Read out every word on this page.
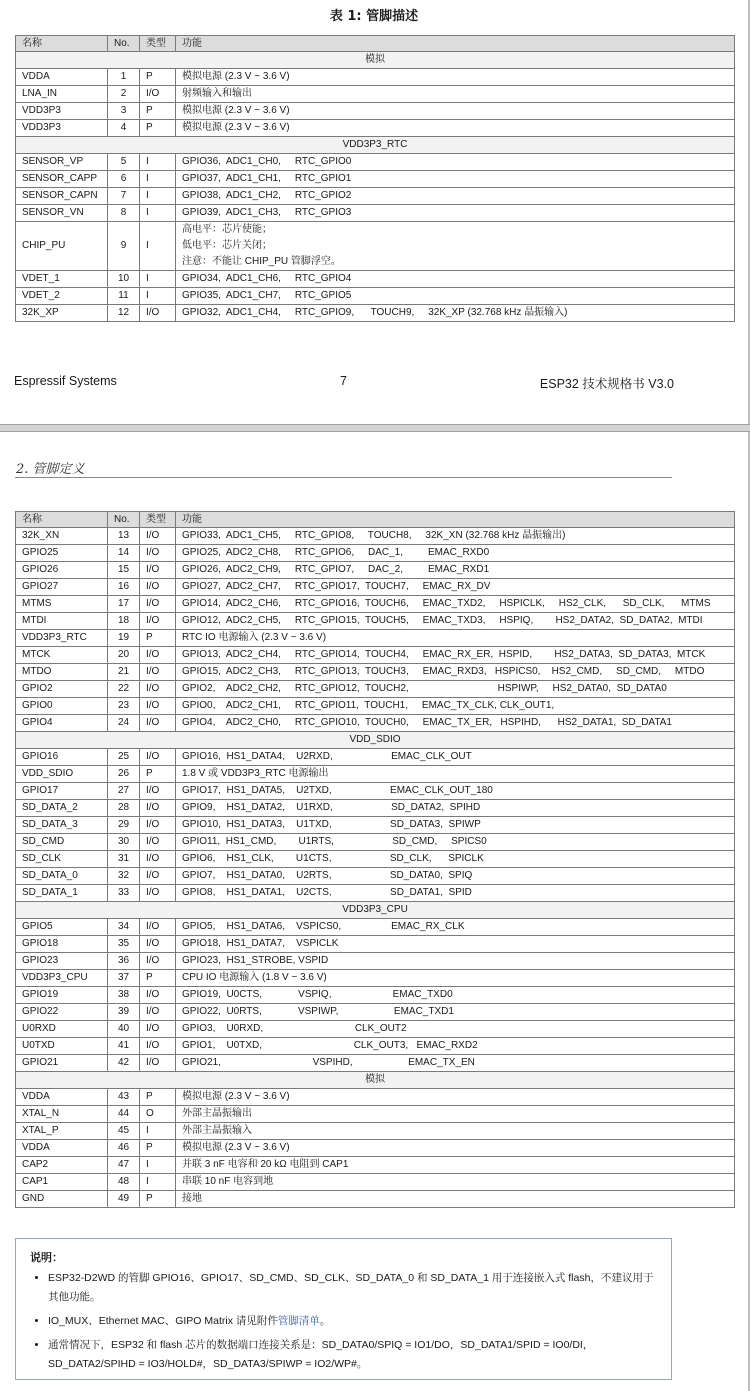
表 1: 管脚描述
名称	No.	类型	功能
模拟			
VDDA	1	P	模拟电源 (2.3 V ~ 3.6 V)
LNA_IN	2	I/O	射频输入和输出
VDD3P3	3	P	模拟电源 (2.3 V ~ 3.6 V)
VDD3P3	4	P	模拟电源 (2.3 V ~ 3.6 V)
VDD3P3_RTC			
SENSOR_VP	5	I	GPIO36,  ADC1_CH0,     RTC_GPIO0
SENSOR_CAPP	6	I	GPIO37,  ADC1_CH1,     RTC_GPIO1
SENSOR_CAPN	7	I	GPIO38,  ADC1_CH2,     RTC_GPIO2
SENSOR_VN	8	I	GPIO39,  ADC1_CH3,     RTC_GPIO3
CHIP_PU	9	I	高电平：芯片使能；
低电平：芯片关闭；
注意：不能让 CHIP_PU 管脚浮空。

VDET_1	10	I	GPIO34,  ADC1_CH6,     RTC_GPIO4
VDET_2	11	I	GPIO35,  ADC1_CH7,     RTC_GPIO5
32K_XP	12	I/O	GPIO32,  ADC1_CH4,     RTC_GPIO9,      TOUCH9,     32K_XP (32.768 kHz 晶振输入)
Espressif Systems	7	ESP32 技术规格书 V3.0
2. 管脚定义
名称	No.	类型	功能
32K_XN	13	I/O	GPIO33,  ADC1_CH5,     RTC_GPIO8,     TOUCH8,     32K_XN (32.768 kHz 晶振输出)
GPIO25	14	I/O	GPIO25,  ADC2_CH8,     RTC_GPIO6,     DAC_1,         EMAC_RXD0
GPIO26	15	I/O	GPIO26,  ADC2_CH9,     RTC_GPIO7,     DAC_2,         EMAC_RXD1
GPIO27	16	I/O	GPIO27,  ADC2_CH7,     RTC_GPIO17,  TOUCH7,     EMAC_RX_DV
MTMS	17	I/O	GPIO14,  ADC2_CH6,     RTC_GPIO16,  TOUCH6,     EMAC_TXD2,     HSPICLK,     HS2_CLK,      SD_CLK,      MTMS
MTDI	18	I/O	GPIO12,  ADC2_CH5,     RTC_GPIO15,  TOUCH5,     EMAC_TXD3,     HSPIQ,        HS2_DATA2,  SD_DATA2,  MTDI
VDD3P3_RTC	19	P	RTC IO 电源输入 (2.3 V ~ 3.6 V)
MTCK	20	I/O	GPIO13,  ADC2_CH4,     RTC_GPIO14,  TOUCH4,     EMAC_RX_ER,  HSPID,        HS2_DATA3,  SD_DATA3,  MTCK
MTDO	21	I/O	GPIO15,  ADC2_CH3,     RTC_GPIO13,  TOUCH3,     EMAC_RXD3,   HSPICS0,    HS2_CMD,     SD_CMD,     MTDO
GPIO2	22	I/O	GPIO2,    ADC2_CH2,     RTC_GPIO12,  TOUCH2,                                HSPIWP,     HS2_DATA0,  SD_DATA0
GPIO0	23	I/O	GPIO0,    ADC2_CH1,     RTC_GPIO11,  TOUCH1,     EMAC_TX_CLK, CLK_OUT1,
GPIO4	24	I/O	GPIO4,    ADC2_CH0,     RTC_GPIO10,  TOUCH0,     EMAC_TX_ER,   HSPIHD,      HS2_DATA1,  SD_DATA1
VDD_SDIO			
GPIO16	25	I/O	GPIO16,  HS1_DATA4,    U2RXD,                     EMAC_CLK_OUT
VDD_SDIO	26	P	1.8 V 或 VDD3P3_RTC 电源输出
GPIO17	27	I/O	GPIO17,  HS1_DATA5,    U2TXD,                     EMAC_CLK_OUT_180
SD_DATA_2	28	I/O	GPIO9,    HS1_DATA2,    U1RXD,                     SD_DATA2,  SPIHD
SD_DATA_3	29	I/O	GPIO10,  HS1_DATA3,    U1TXD,                     SD_DATA3,  SPIWP
SD_CMD	30	I/O	GPIO11,  HS1_CMD,        U1RTS,                     SD_CMD,     SPICS0
SD_CLK	31	I/O	GPIO6,    HS1_CLK,        U1CTS,                     SD_CLK,      SPICLK
SD_DATA_0	32	I/O	GPIO7,    HS1_DATA0,    U2RTS,                     SD_DATA0,  SPIQ
SD_DATA_1	33	I/O	GPIO8,    HS1_DATA1,    U2CTS,                     SD_DATA1,  SPID
VDD3P3_CPU			
GPIO5	34	I/O	GPIO5,    HS1_DATA6,    VSPICS0,                  EMAC_RX_CLK
GPIO18	35	I/O	GPIO18,  HS1_DATA7,    VSPICLK
GPIO23	36	I/O	GPIO23,  HS1_STROBE, VSPID
VDD3P3_CPU	37	P	CPU IO 电源输入 (1.8 V ~ 3.6 V)
GPIO19	38	I/O	GPIO19,  U0CTS,             VSPIQ,                      EMAC_TXD0
GPIO22	39	I/O	GPIO22,  U0RTS,             VSPIWP,                    EMAC_TXD1
U0RXD	40	I/O	GPIO3,    U0RXD,                                 CLK_OUT2
U0TXD	41	I/O	GPIO1,    U0TXD,                                 CLK_OUT3,   EMAC_RXD2
GPIO21	42	I/O	GPIO21,                                 VSPIHD,                    EMAC_TX_EN
模拟			
VDDA	43	P	模拟电源 (2.3 V ~ 3.6 V)
XTAL_N	44	O	外部主晶振输出
XTAL_P	45	I	外部主晶振输入
VDDA	46	P	模拟电源 (2.3 V ~ 3.6 V)
CAP2	47	I	并联 3 nF 电容和 20 kΩ 电阻到 CAP1
CAP1	48	I	串联 10 nF 电容到地
GND	49	P	接地
说明：
• ESP32-D2WD 的管脚 GPIO16、GPIO17、SD_CMD、SD_CLK、SD_DATA_0 和 SD_DATA_1 用于连接嵌入式 flash，不建议用于其他功能。
• IO_MUX、Ethernet MAC、GIPO Matrix 请见附件管脚清单。
• 通常情况下，ESP32 和 flash 芯片的数据端口连接关系是：SD_DATA0/SPIQ = IO1/DO，SD_DATA1/SPID = IO0/DI，SD_DATA2/SPIHD = IO3/HOLD#，SD_DATA3/SPIWP = IO2/WP#。
